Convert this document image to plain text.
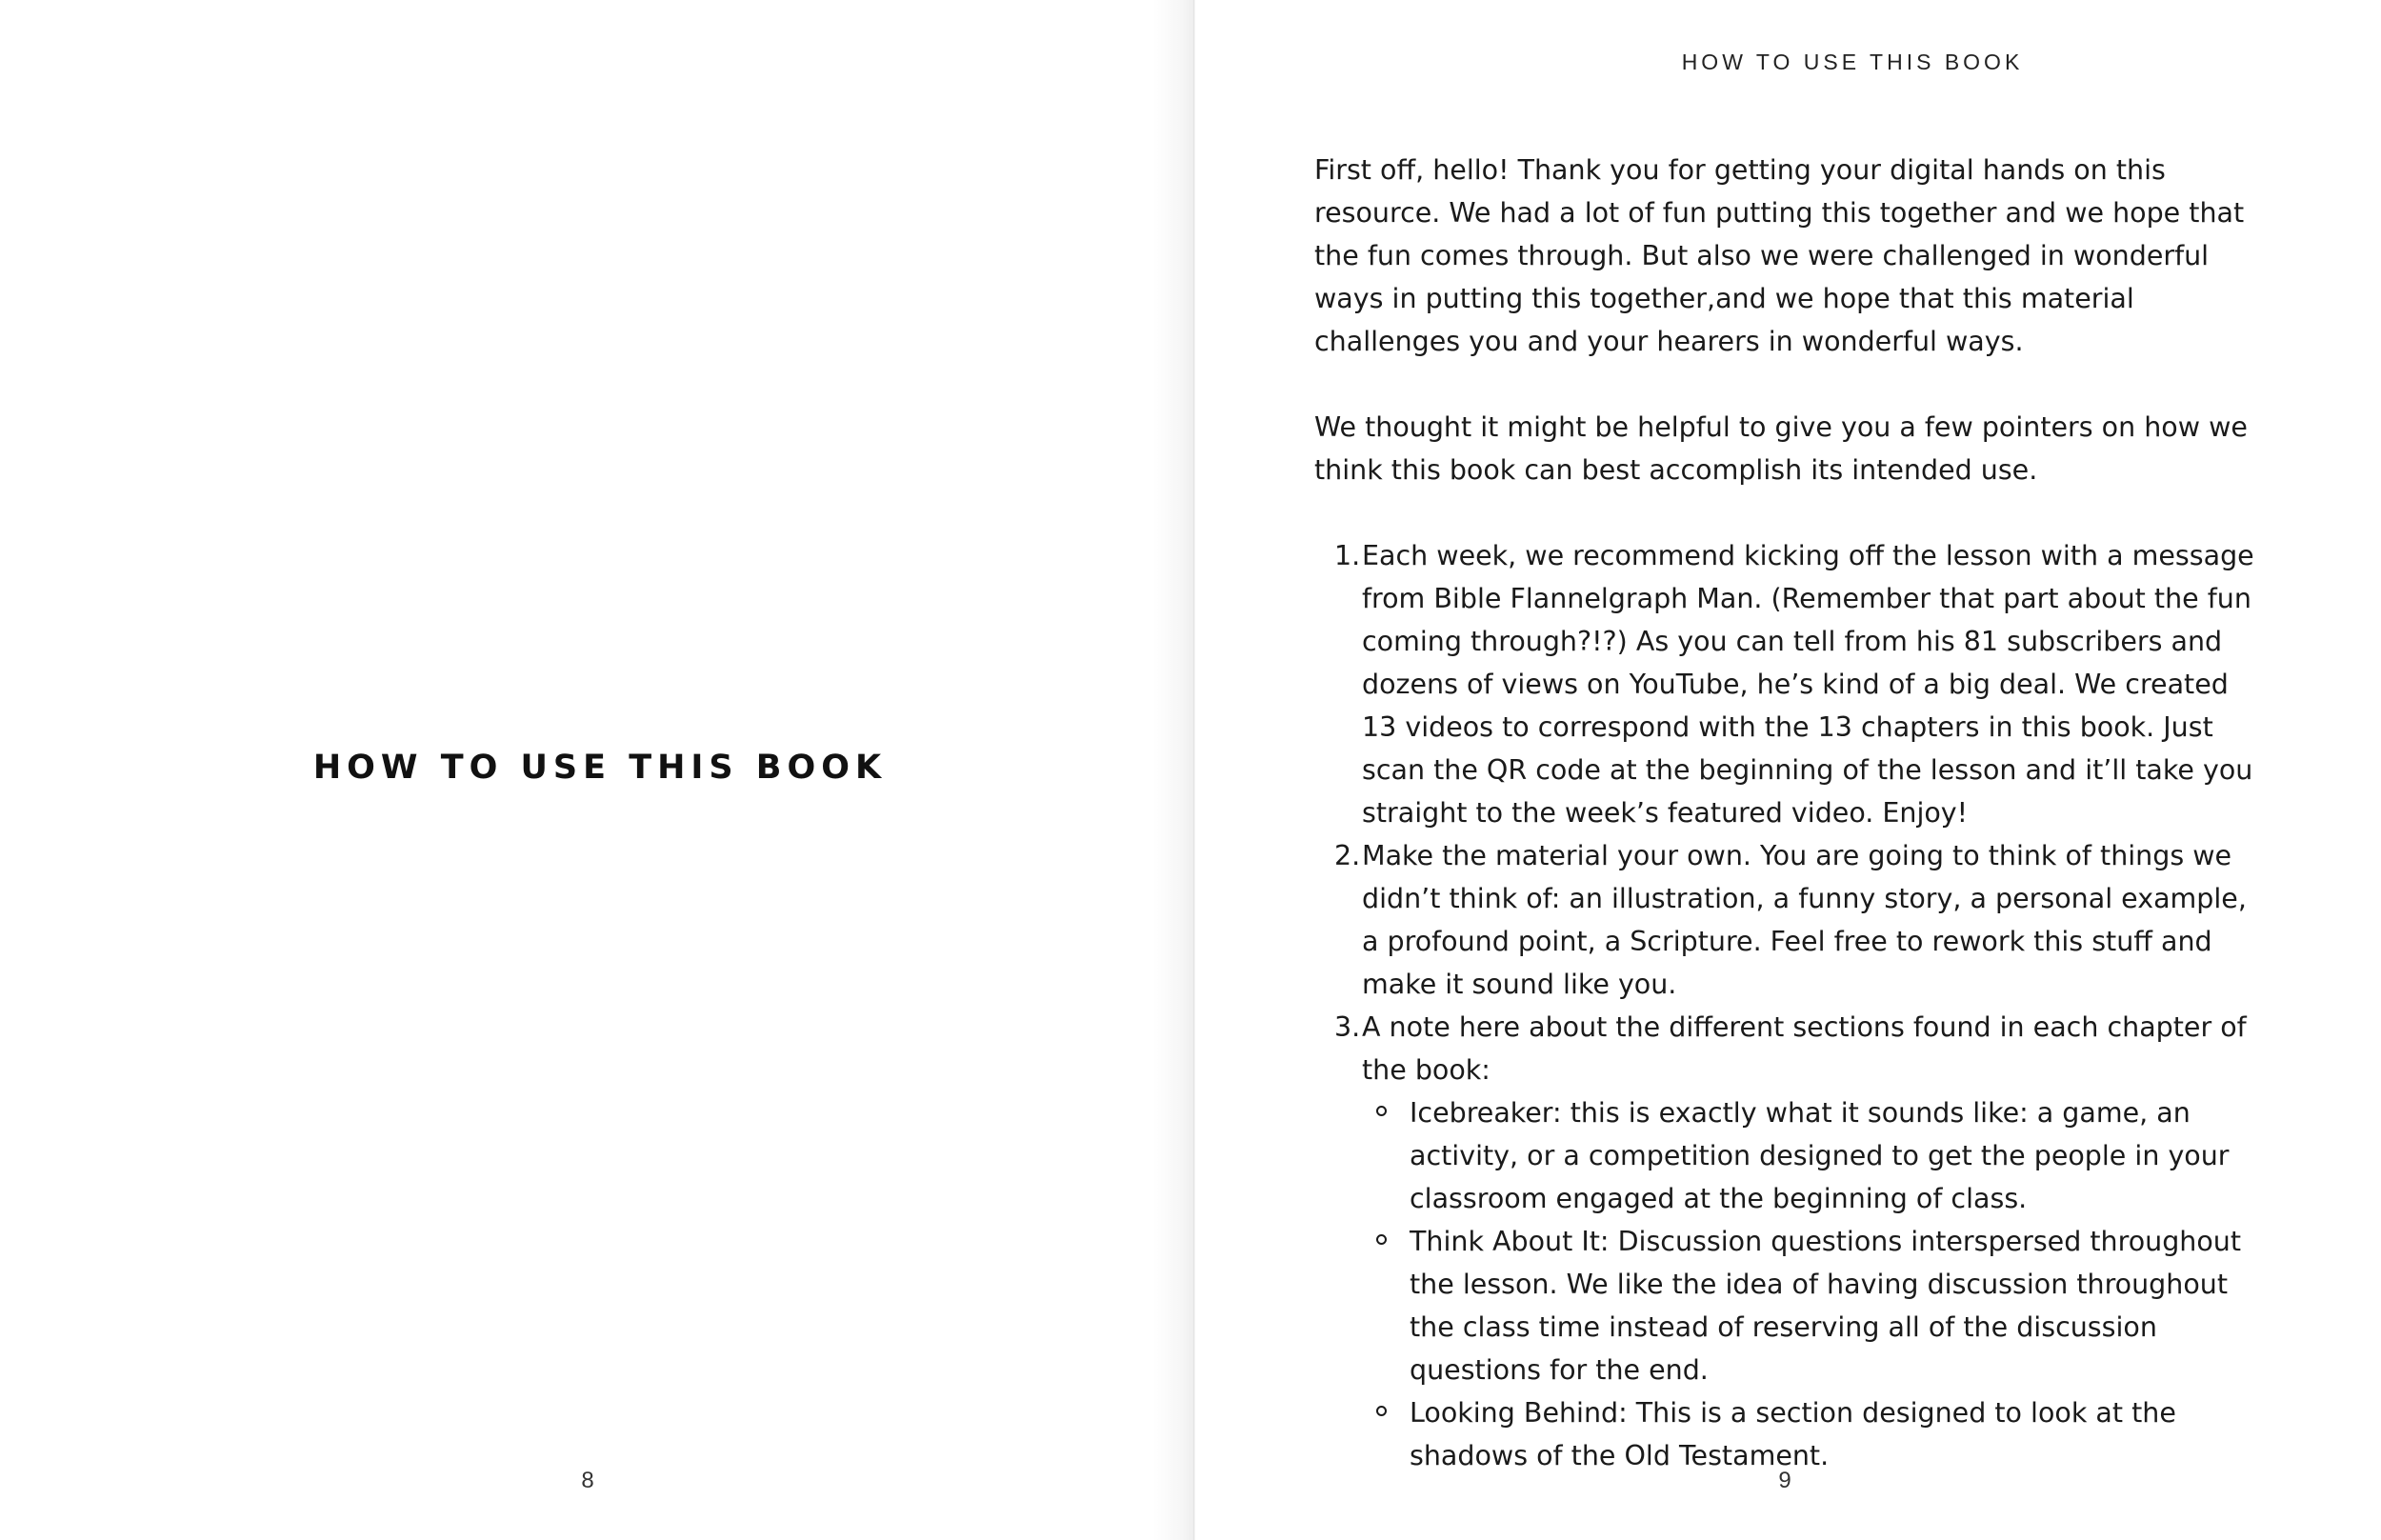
HOW TO USE THIS BOOK
8
HOW TO USE THIS BOOK

First off, hello! Thank you for getting your digital hands on this resource. We had a lot of fun putting this together and we hope that the fun comes through. But also we were challenged in wonderful ways in putting this together,and we hope that this material challenges you and your hearers in wonderful ways.

We thought it might be helpful to give you a few pointers on how we think this book can best accomplish its intended use.

1. Each week, we recommend kicking off the lesson with a message from Bible Flannelgraph Man. (Remember that part about the fun coming through?!?) As you can tell from his 81 subscribers and dozens of views on YouTube, he’s kind of a big deal. We created 13 videos to correspond with the 13 chapters in this book. Just scan the QR code at the beginning of the lesson and it’ll take you straight to the week’s featured video. Enjoy!
2. Make the material your own. You are going to think of things we didn’t think of: an illustration, a funny story, a personal example, a profound point, a Scripture. Feel free to rework this stuff and make it sound like you.
3. A note here about the different sections found in each chapter of the book:
Icebreaker: this is exactly what it sounds like: a game, an activity, or a competition designed to get the people in your classroom engaged at the beginning of class.
Think About It: Discussion questions interspersed throughout the lesson. We like the idea of having discussion throughout the class time instead of reserving all of the discussion questions for the end.
Looking Behind: This is a section designed to look at the shadows of the Old Testament.
9
